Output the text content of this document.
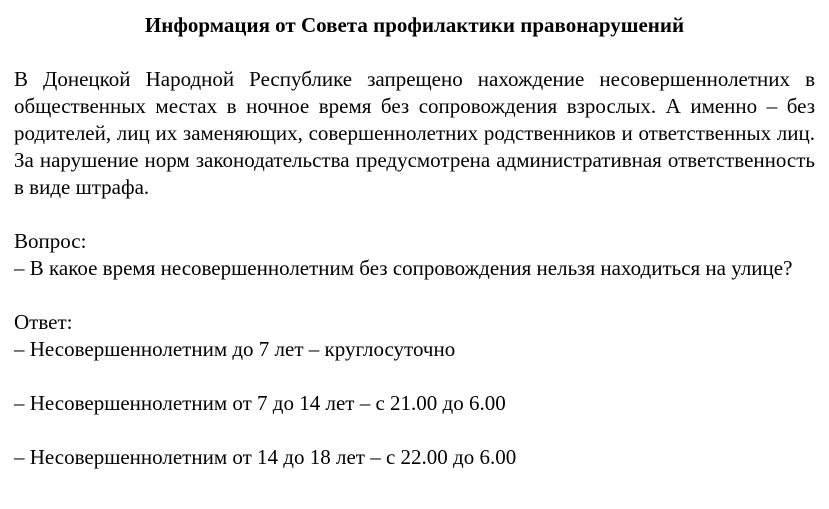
Информация от Совета профилактики правонарушений

В Донецкой Народной Республике запрещено нахождение несовершеннолетних в общественных местах в ночное время без сопровождения взрослых. А именно – без родителей, лиц их заменяющих, совершеннолетних родственников и ответственных лиц. За нарушение норм законодательства предусмотрена административная ответственность в виде штрафа.

Вопрос:

– В какое время несовершеннолетним без сопровождения нельзя находиться на улице?

Ответ:

– Несовершеннолетним до 7 лет – круглосуточно

– Несовершеннолетним от 7 до 14 лет – с 21.00 до 6.00

– Несовершеннолетним от 14 до 18 лет – с 22.00 до 6.00
